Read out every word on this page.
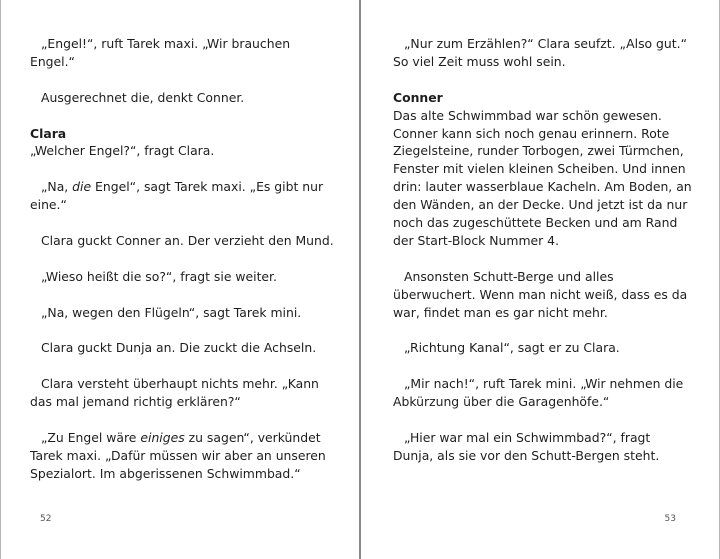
„Engel!“, ruft Tarek maxi. „Wir brauchen Engel.“

Ausgerechnet die, denkt Conner.

Clara

„Welcher Engel?“, fragt Clara.

„Na, die Engel“, sagt Tarek maxi. „Es gibt nur eine.“

Clara guckt Conner an. Der verzieht den Mund.

„Wieso heißt die so?“, fragt sie weiter.

„Na, wegen den Flügeln“, sagt Tarek mini.

Clara guckt Dunja an. Die zuckt die Achseln.

Clara versteht überhaupt nichts mehr. „Kann das mal jemand richtig erklären?“

„Zu Engel wäre einiges zu sagen“, verkündet Tarek maxi. „Dafür müssen wir aber an unseren Spezialort. Im abgerissenen Schwimmbad.“

52

„Nur zum Erzählen?“ Clara seufzt. „Also gut.“ So viel Zeit muss wohl sein.

Conner

Das alte Schwimmbad war schön gewesen. Conner kann sich noch genau erinnern. Rote Ziegelsteine, runder Torbogen, zwei Türmchen, Fenster mit vielen kleinen Scheiben. Und innen drin: lauter wasserblaue Kacheln. Am Boden, an den Wänden, an der Decke. Und jetzt ist da nur noch das zugeschüttete Becken und am Rand der Start-Block Nummer 4.

Ansonsten Schutt-Berge und alles überwuchert. Wenn man nicht weiß, dass es da war, findet man es gar nicht mehr.

„Richtung Kanal“, sagt er zu Clara.

„Mir nach!“, ruft Tarek mini. „Wir nehmen die Abkürzung über die Garagenhöfe.“

„Hier war mal ein Schwimmbad?“, fragt Dunja, als sie vor den Schutt-Bergen steht.

53
